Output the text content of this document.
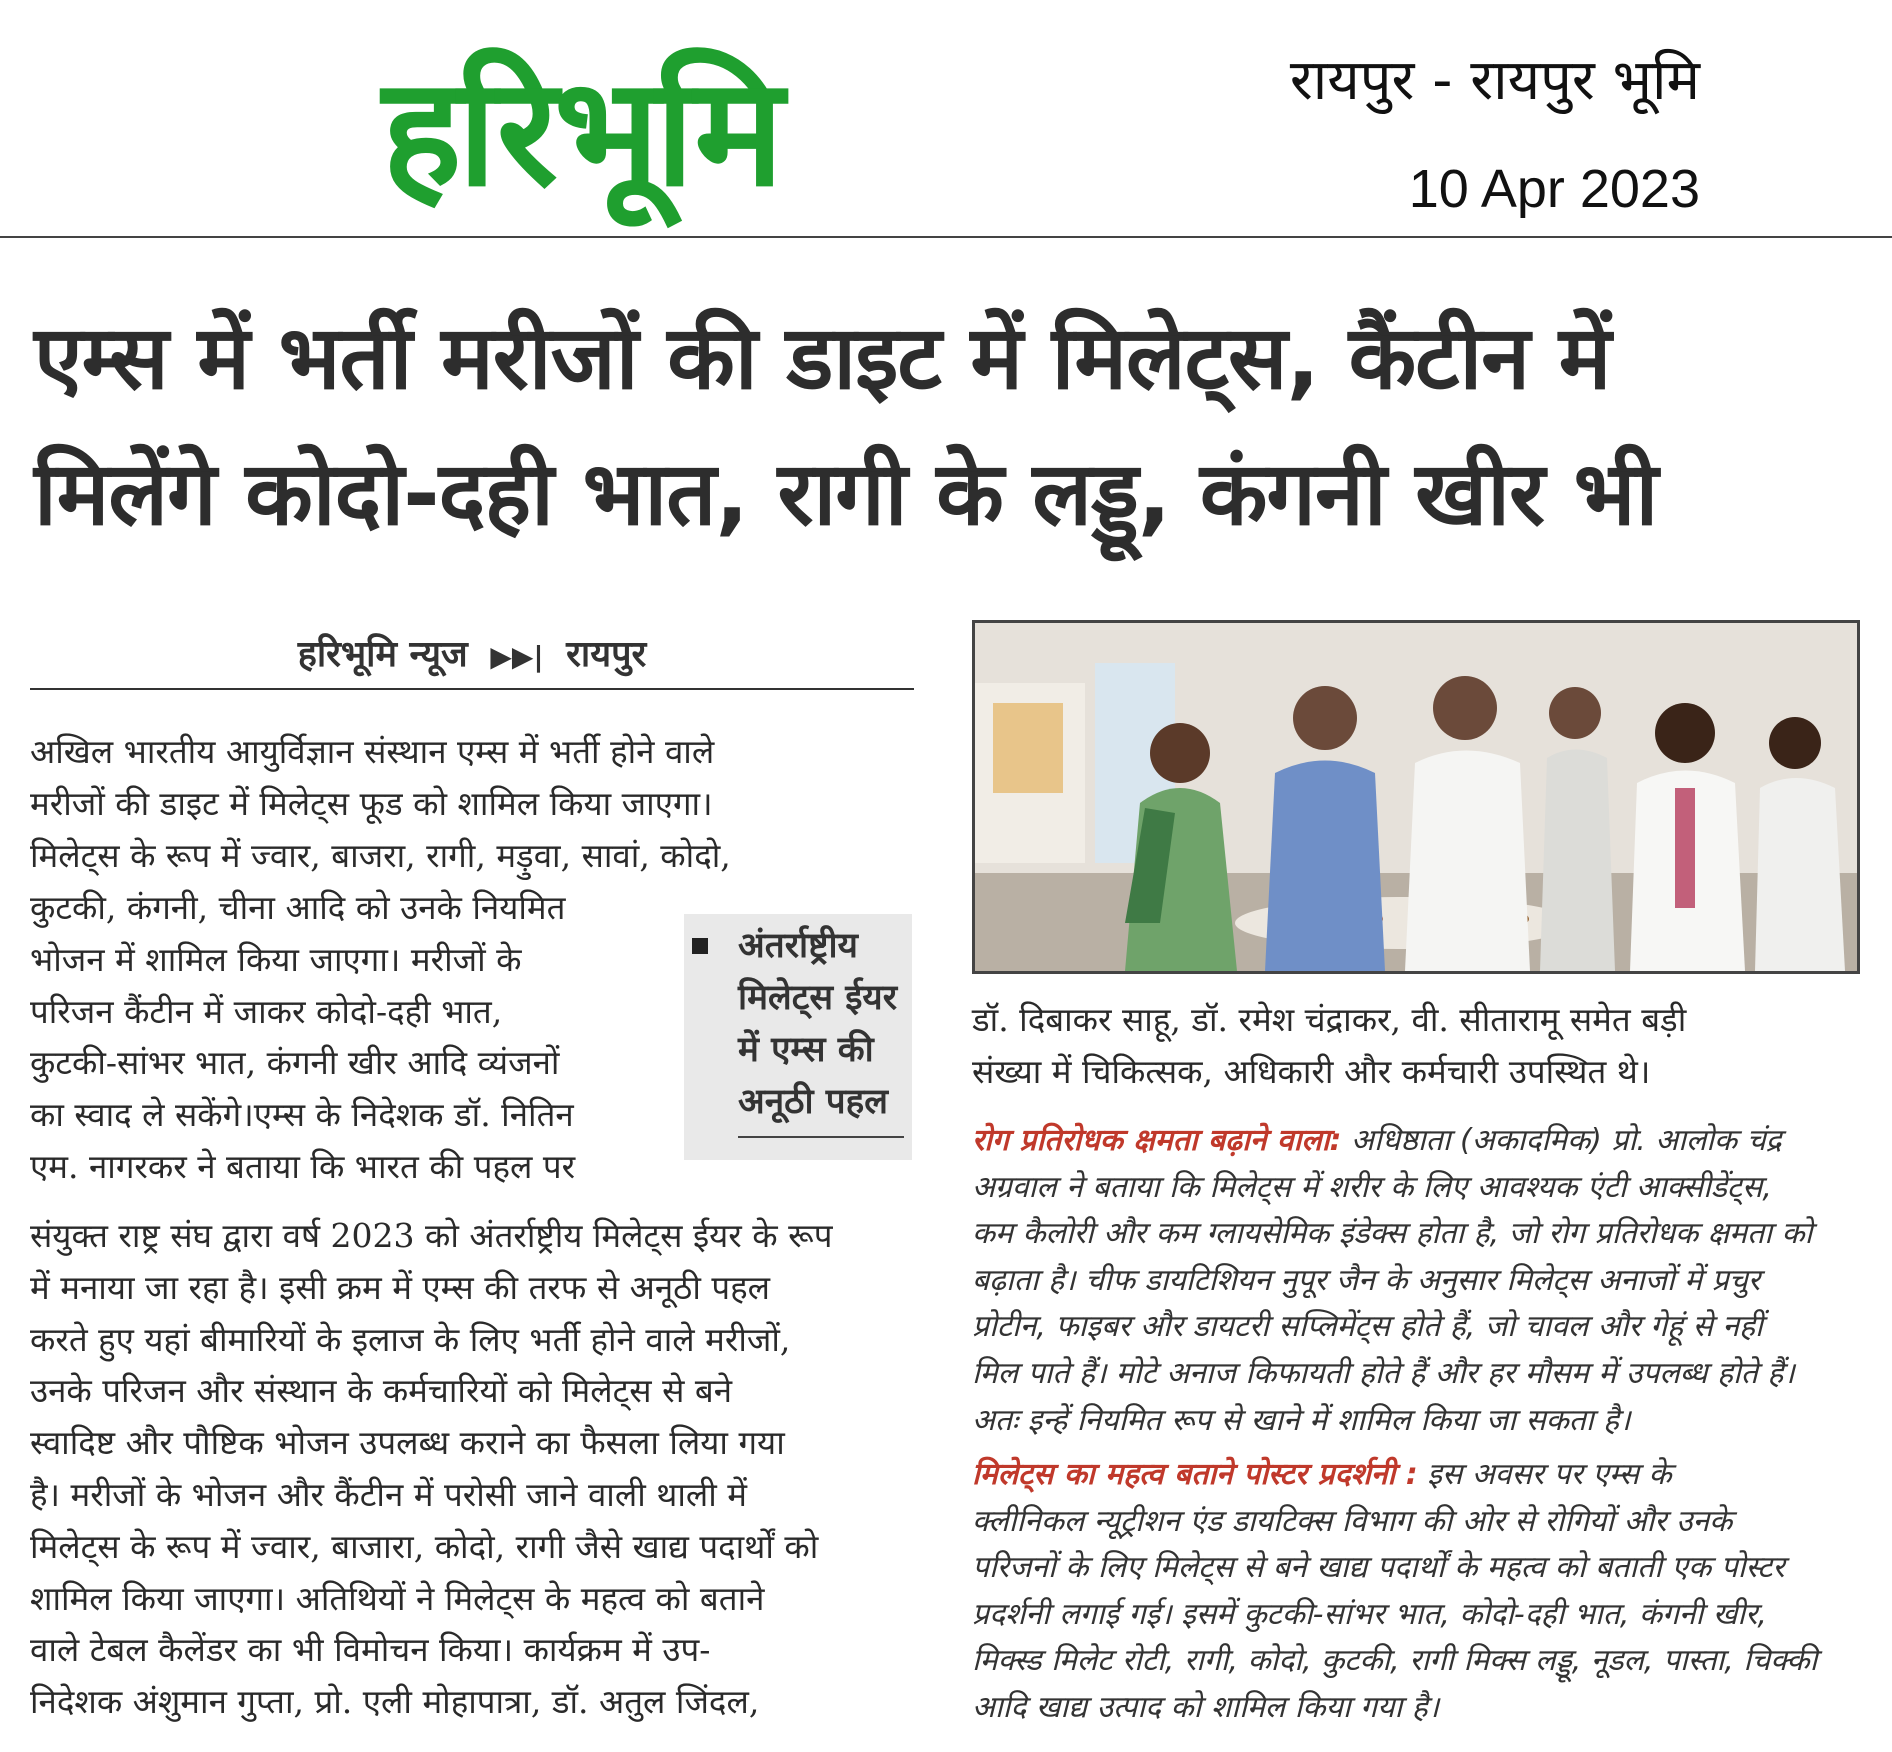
हरिभूमि	रायपुर - रायपुर भूमि
10 Apr 2023
एम्स में भर्ती मरीजों की डाइट में मिलेट्स, कैंटीन में
मिलेंगे कोदो-दही भात, रागी के लड्डू, कंगनी खीर भी
हरिभूमि न्यूज ▶▶| रायपुर
अखिल भारतीय आयुर्विज्ञान संस्थान एम्स में भर्ती होने वाले
मरीजों की डाइट में मिलेट्स फूड को शामिल किया जाएगा।
मिलेट्स के रूप में ज्वार, बाजरा, रागी, मड़ुवा, सावां, कोदो,
कुटकी, कंगनी, चीना आदि को उनके नियमित
भोजन में शामिल किया जाएगा। मरीजों के
परिजन कैंटीन में जाकर कोदो-दही भात,
कुटकी-सांभर भात, कंगनी खीर आदि व्यंजनों
का स्वाद ले सकेंगे।एम्स के निदेशक डॉ. नितिन
एम. नागरकर ने बताया कि भारत की पहल पर
अंतर्राष्ट्रीय
मिलेट्स ईयर
में एम्स की
अनूठी पहल
संयुक्त राष्ट्र संघ द्वारा वर्ष 2023 को अंतर्राष्ट्रीय मिलेट्स ईयर के रूप
में मनाया जा रहा है। इसी क्रम में एम्स की तरफ से अनूठी पहल
करते हुए यहां बीमारियों के इलाज के लिए भर्ती होने वाले मरीजों,
उनके परिजन और संस्थान के कर्मचारियों को मिलेट्स से बने
स्वादिष्ट और पौष्टिक भोजन उपलब्ध कराने का फैसला लिया गया
है। मरीजों के भोजन और कैंटीन में परोसी जाने वाली थाली में
मिलेट्स के रूप में ज्वार, बाजारा, कोदो, रागी जैसे खाद्य पदार्थों को
शामिल किया जाएगा। अतिथियों ने मिलेट्स के महत्व को बताने
वाले टेबल कैलेंडर का भी विमोचन किया। कार्यक्रम में उप-
निदेशक अंशुमान गुप्ता, प्रो. एली मोहापात्रा, डॉ. अतुल जिंदल,
डॉ. दिबाकर साहू, डॉ. रमेश चंद्राकर, वी. सीतारामू समेत बड़ी
संख्या में चिकित्सक, अधिकारी और कर्मचारी उपस्थित थे।
रोग प्रतिरोधक क्षमता बढ़ाने वाला: अधिष्ठाता (अकादमिक) प्रो. आलोक चंद्र
अग्रवाल ने बताया कि मिलेट्स में शरीर के लिए आवश्यक एंटी आक्सीडेंट्स,
कम कैलोरी और कम ग्लायसेमिक इंडेक्स होता है, जो रोग प्रतिरोधक क्षमता को
बढ़ाता है। चीफ डायटिशियन नुपूर जैन के अनुसार मिलेट्स अनाजों में प्रचुर
प्रोटीन, फाइबर और डायटरी सप्लिमेंट्स होते हैं, जो चावल और गेहूं से नहीं
मिल पाते हैं। मोटे अनाज किफायती होते हैं और हर मौसम में उपलब्ध होते हैं।
अतः इन्हें नियमित रूप से खाने में शामिल किया जा सकता है।
मिलेट्स का महत्व बताने पोस्टर प्रदर्शनी : इस अवसर पर एम्स के
क्लीनिकल न्यूट्रीशन एंड डायटिक्स विभाग की ओर से रोगियों और उनके
परिजनों के लिए मिलेट्स से बने खाद्य पदार्थों के महत्व को बताती एक पोस्टर
प्रदर्शनी लगाई गई। इसमें कुटकी-सांभर भात, कोदो-दही भात, कंगनी खीर,
मिक्स्ड मिलेट रोटी, रागी, कोदो, कुटकी, रागी मिक्स लड्डू, नूडल, पास्ता, चिक्की
आदि खाद्य उत्पाद को शामिल किया गया है।
